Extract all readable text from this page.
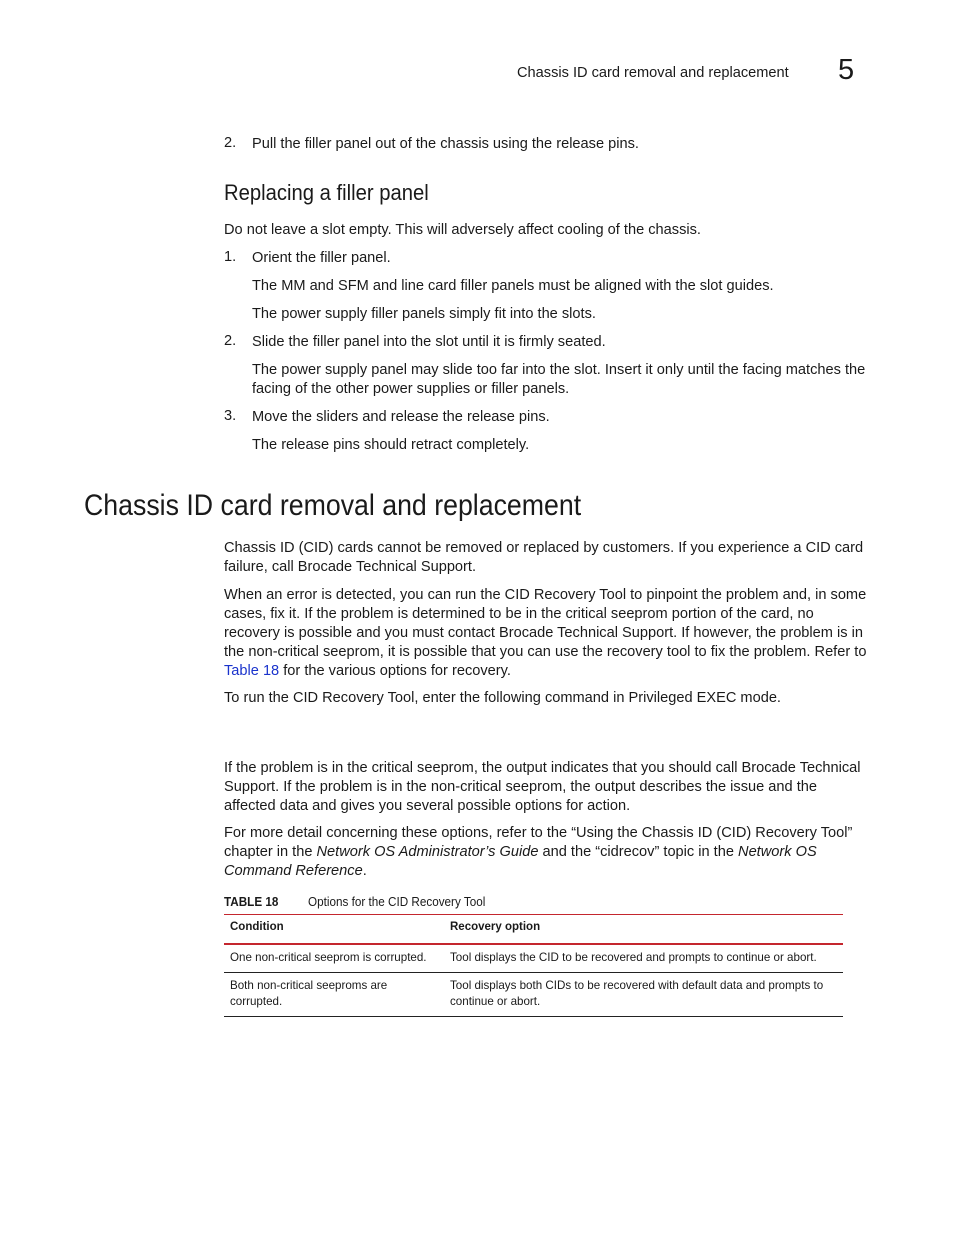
Chassis ID card removal and replacement 5
2. Pull the filler panel out of the chassis using the release pins.
Replacing a filler panel
Do not leave a slot empty. This will adversely affect cooling of the chassis.
1. Orient the filler panel.
The MM and SFM and line card filler panels must be aligned with the slot guides.
The power supply filler panels simply fit into the slots.
2. Slide the filler panel into the slot until it is firmly seated.
The power supply panel may slide too far into the slot. Insert it only until the facing matches the facing of the other power supplies or filler panels.
3. Move the sliders and release the release pins.
The release pins should retract completely.
Chassis ID card removal and replacement
Chassis ID (CID) cards cannot be removed or replaced by customers. If you experience a CID card failure, call Brocade Technical Support.
When an error is detected, you can run the CID Recovery Tool to pinpoint the problem and, in some cases, fix it. If the problem is determined to be in the critical seeprom portion of the card, no recovery is possible and you must contact Brocade Technical Support. If however, the problem is in the non-critical seeprom, it is possible that you can use the recovery tool to fix the problem. Refer to Table 18 for the various options for recovery.
To run the CID Recovery Tool, enter the following command in Privileged EXEC mode.
If the problem is in the critical seeprom, the output indicates that you should call Brocade Technical Support. If the problem is in the non-critical seeprom, the output describes the issue and the affected data and gives you several possible options for action.
For more detail concerning these options, refer to the “Using the Chassis ID (CID) Recovery Tool” chapter in the Network OS Administrator’s Guide and the “cidrecov” topic in the Network OS Command Reference.
TABLE 18 Options for the CID Recovery Tool
Condition	Recovery option
One non-critical seeprom is corrupted.	Tool displays the CID to be recovered and prompts to continue or abort.
Both non-critical seeproms are corrupted.	Tool displays both CIDs to be recovered with default data and prompts to continue or abort.
